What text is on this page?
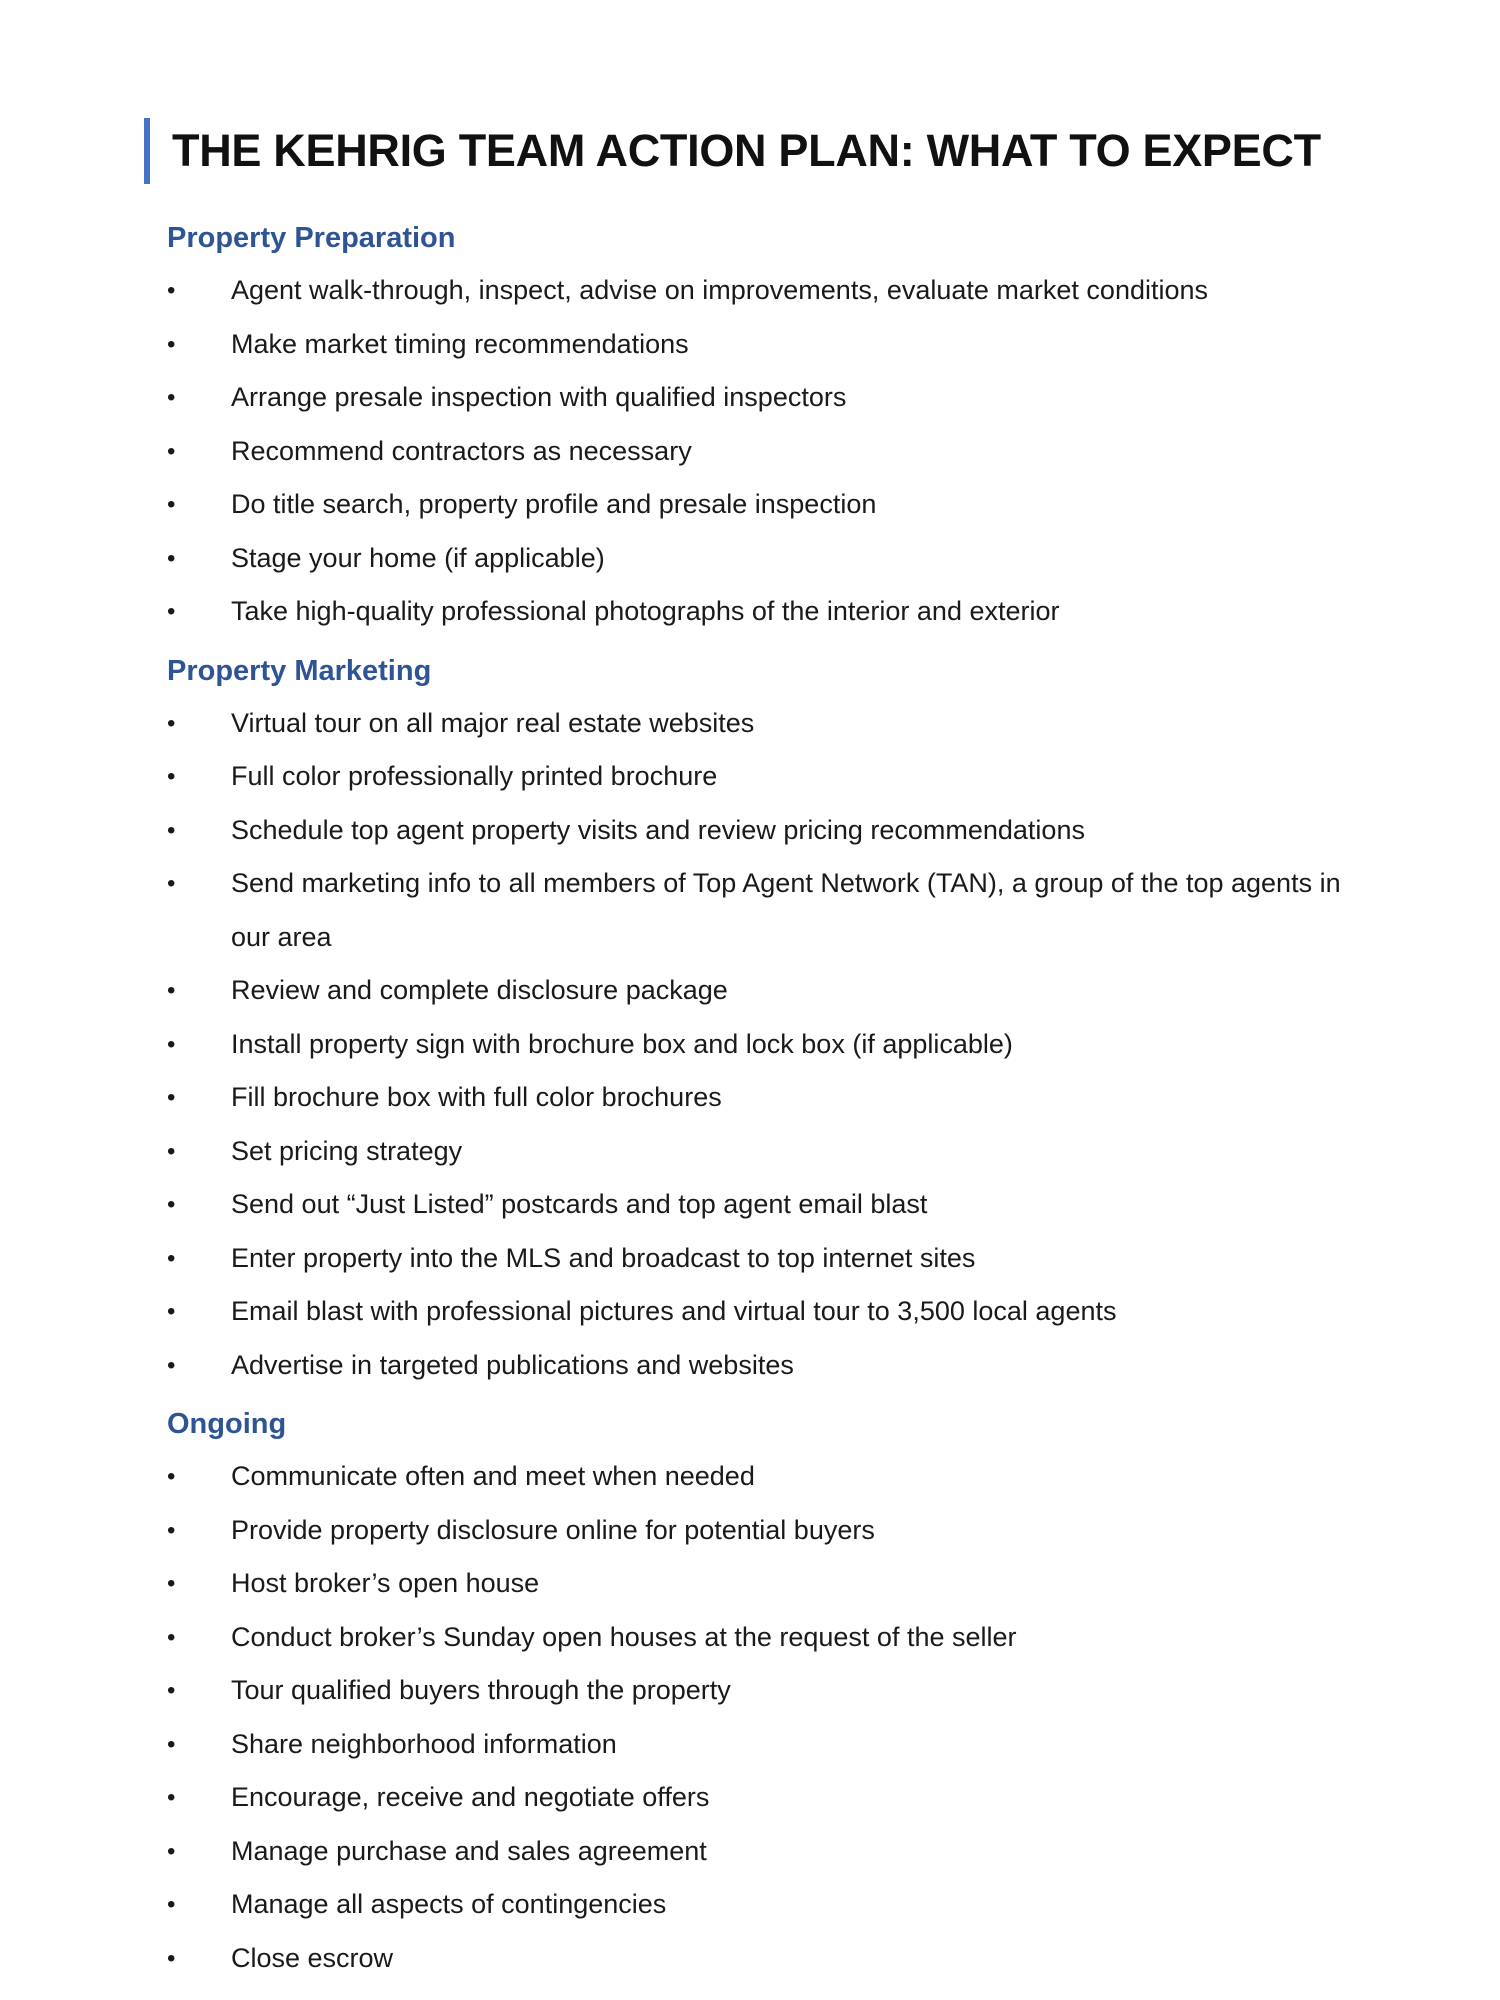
THE KEHRIG TEAM ACTION PLAN: WHAT TO EXPECT
Property Preparation
•	Agent walk-through, inspect, advise on improvements, evaluate market conditions
•	Make market timing recommendations
•	Arrange presale inspection with qualified inspectors
•	Recommend contractors as necessary
•	Do title search, property profile and presale inspection
•	Stage your home (if applicable)
•	Take high-quality professional photographs of the interior and exterior
Property Marketing
•	Virtual tour on all major real estate websites
•	Full color professionally printed brochure
•	Schedule top agent property visits and review pricing recommendations
•	Send marketing info to all members of Top Agent Network (TAN), a group of the top agents in our area
•	Review and complete disclosure package
•	Install property sign with brochure box and lock box (if applicable)
•	Fill brochure box with full color brochures
•	Set pricing strategy
•	Send out “Just Listed” postcards and top agent email blast
•	Enter property into the MLS and broadcast to top internet sites
•	Email blast with professional pictures and virtual tour to 3,500 local agents
•	Advertise in targeted publications and websites
Ongoing
•	Communicate often and meet when needed
•	Provide property disclosure online for potential buyers
•	Host broker’s open house
•	Conduct broker’s Sunday open houses at the request of the seller
•	Tour qualified buyers through the property
•	Share neighborhood information
•	Encourage, receive and negotiate offers
•	Manage purchase and sales agreement
•	Manage all aspects of contingencies
•	Close escrow
